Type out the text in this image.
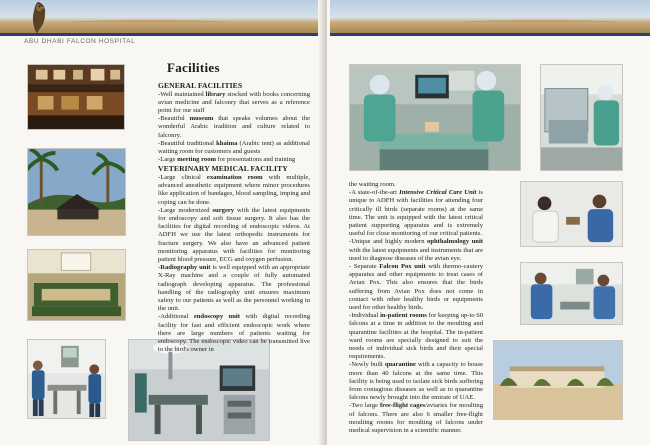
ABU DHABI FALCON HOSPITAL
Facilities
GENERAL FACILITIES
-Well maintained library stocked with books concerning avian medicine and falconry that serves as a reference point for our staff
-Beautiful museum that speaks volumes about the wonderful Arabic tradition and culture related to falconry.
-Beautiful traditional khaima (Arabic tent) as additional waiting room for customers and guests
-Large meeting room for presentations and training
VETERINARY MEDICAL FACILITY
-Large clinical examination room with multiple, advanced anesthetic equipment where minor procedures like application of bandages, blood sampling, imping and coping can be done.
-Large modernized surgery with the latest equipments for endoscopy and soft tissue surgery. It also has the facilities for digital recording of endoscopic videos. At ADFH we use the latest orthopedic instruments for fracture surgery. We also have an advanced patient monitoring apparatus with facilities for monitoring patient blood pressure, ECG and oxygen perfusion.
-Radiography unit is well equipped with an appropriate X-Ray machine and a couple of fully automated radiograph developing apparatus. The professional handling of the radiography unit ensures maximum safety to our patients as well as the personnel working in the unit.
-Additional endoscopy unit with digital recording facility for fast and efficient endoscopic work where there are large numbers of patients waiting for endoscopy. The endoscopic video can be transmitted live to the bird's owner in
the waiting room.
-A state-of-the-art Intensive Critical Care Unit is unique to ADFH with facilities for attending four critically ill birds (separate rooms) at the same time. The unit is equipped with the latest critical patient supporting apparatus and is extremely useful for close monitoring of our critical patients.
-Unique and highly modern ophthalmology unit with the latest equipments and instruments that are used to diagnose diseases of the avian eye.
- Separate Falcon Pox unit with thermo-cautery apparatus and other equipments to treat cases of Avian Pox. This also ensures that the birds suffering from Avian Pox does not come in contact with other healthy birds or equipments used for other healthy birds.
-Individual in-patient rooms for keeping up-to 60 falcons at a time in addition to the moulting and quarantine facilities at the hospital. The in-patient ward rooms are specially designed to suit the needs of individual sick birds and their special requirements.
-Newly built quarantine with a capacity to house more than 40 falcons at the same time. This facility is being used to isolate sick birds suffering from contagious diseases as well as to quarantine falcons newly brought into the emirate of UAE.
-Two large free-flight cages/aviaries for moulting of falcons. There are also 6 smaller free-flight moulting rooms for moulting of falcons under medical supervision in a scientific manner.
